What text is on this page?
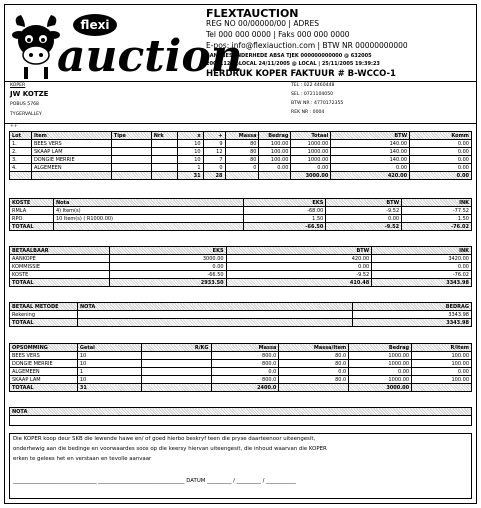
flexi
auction
FLEXTAUCTION
REG NO 00/00000/00 | ADRES
Tel 000 000 0000 | Faks 000 000 0000
E-pos: info@flexiauction.com | BTW NR 00000000000
BANKBESONDERHEDE ABSA TJEK 000000000000 @ 632005
20051124@LOCAL 24/11/2005 @ LOCAL | 25/11/2005 19:39:23
HERDRUK KOPER FAKTUUR # B-WCCO-1
KOPER
JW KOTZE
POBUS 5768
TYGERVALLEY
TEL : 022 4460448
SEL : 0721104050
BTW NR : 4770172355
REK NR : 0004
++
Lot	Item	Tipe	Nrk	x	+	Massa	Bedrag	Totaal	BTW	Komm
1.	BEES VERS			10	9	80	100.00	1000.00	140.00	0.00
2.	SKAAP LAM			10	12	80	100.00	1000.00	140.00	0.00
3.	DONGIE MERRIE			10	7	80	100.00	1000.00	140.00	0.00
4.	ALGEMEEN			1	0	0	0.00	0.00	0.00	0.00
				31	28			3000.00	420.00	0.00
KOSTE	Nota	EKS	BTW	INK
RMLA	4) Item(s)	-68.00	-9.52	-77.52
RPO	10 Item(s) ( R1000.00)	1.50	0.00	1.50
TOTAAL		-66.50	-9.52	-76.02
BETAALBAAR	EKS	BTW	INK
AANKOPE	3000.00	420.00	3420.00
KOMMISSIE	0.00	0.00	0.00
KOSTE	-66.50	-9.52	-76.02
TOTAAL	2933.50	410.48	3343.98
BETAAL METODE	NOTA	BEDRAG
Rekening		3343.98
TOTAAL		3343.98
OPSOMMING	Getal	R/KG	Massa	Massa/Item	Bedrag	R/Item
BEES VERS	10		800.0	80.0	1000.00	100.00
DONGIE MERRIE	10		800.0	80.0	1000.00	100.00
ALGEMEEN	1		0.0	0.0	0.00	0.00
SKAAP LAM	10		800.0	80.0	1000.00	100.00
TOTAAL	31		2400.0		3000.00	
NOTA

Die KOPER koop deur SKB die lewende hawe en/ of goed hierbo beskryf teen die pryse daarteenoor uiteengesit,
onderhewig aan die bedinge en voorwaardes soos op die keersy hiervan uiteengesit, die inhoud waarvan die KOPER
erken te gelees het en verstaan en tevolle aanvaar
_______________________________ ________________________________ DATUM _________ / _________ / ___________
